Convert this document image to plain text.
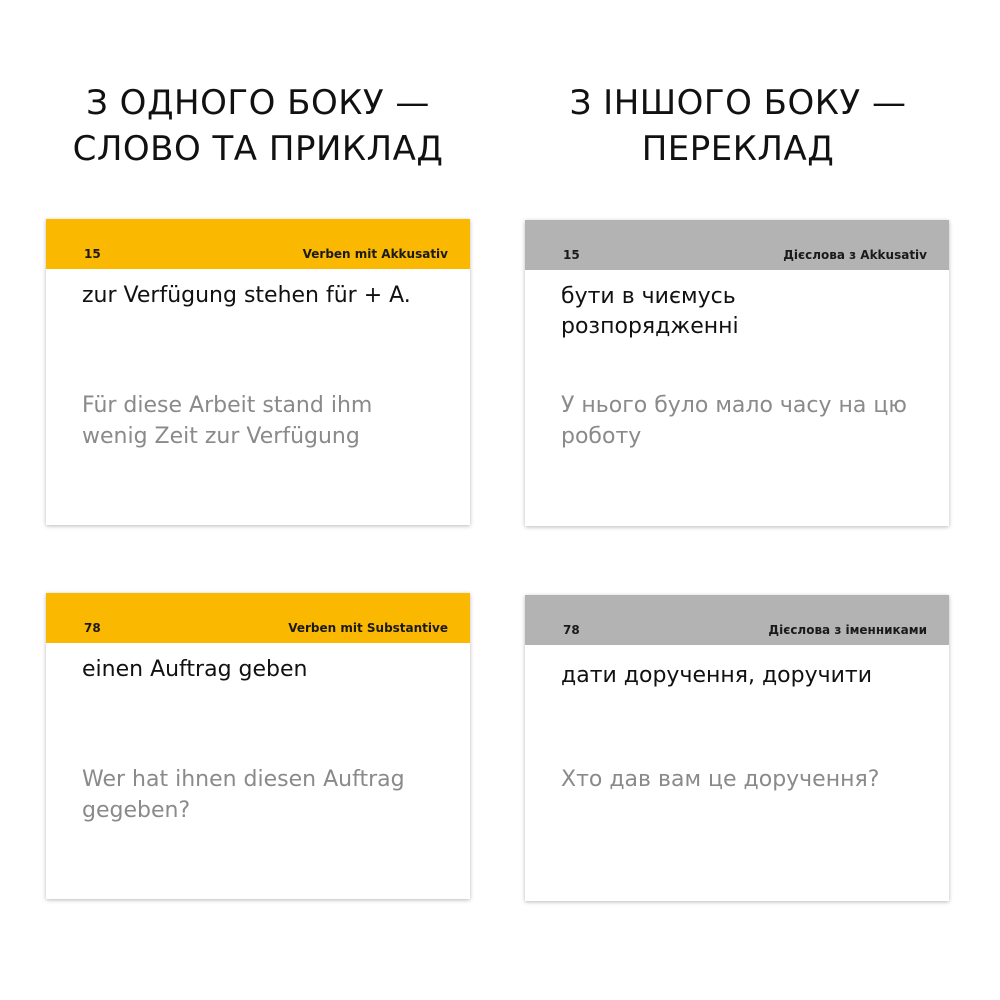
З ОДНОГО БОКУ —
СЛОВО ТА ПРИКЛАД
З ІНШОГО БОКУ —
ПЕРЕКЛАД
15	Verben mit Akkusativ
zur Verfügung stehen für + A.
Für diese Arbeit stand ihm wenig Zeit zur Verfügung
15	Дієслова з Akkusativ
бути в чиємусь розпорядженні
У нього було мало часу на цю роботу
78	Verben mit Substantive
einen Auftrag geben
Wer hat ihnen diesen Auftrag gegeben?
78	Дієслова з іменниками
дати доручення, доручити
Хто дав вам це доручення?
